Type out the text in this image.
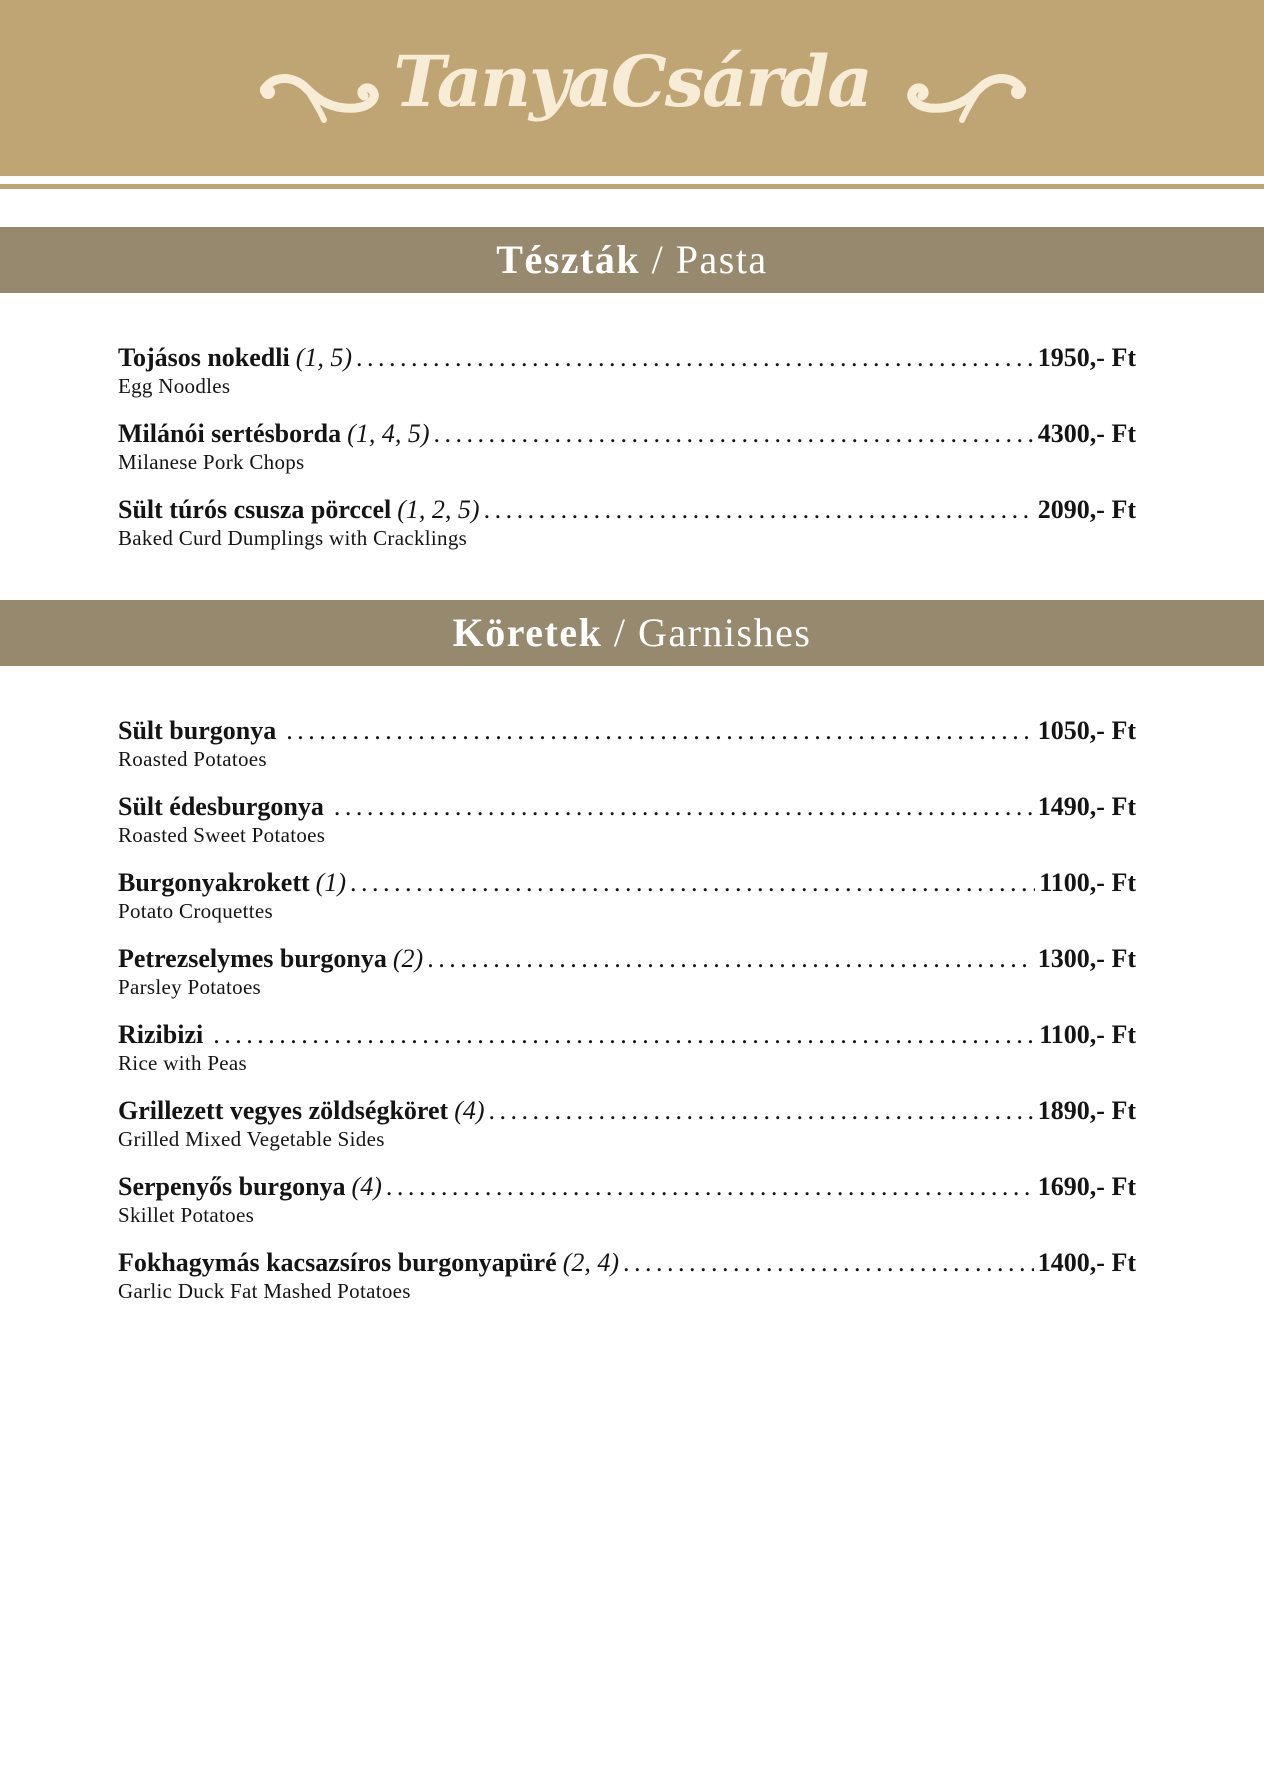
TanyaCsárda
Tészták / Pasta
Tojásos nokedli (1, 5) . . .	1950,- Ft
Egg Noodles
Milánói sertésborda (1, 4, 5) . . .	4300,- Ft
Milanese Pork Chops
Sült túrós csusza pörccel (1, 2, 5) . . .	2090,- Ft
Baked Curd Dumplings with Cracklings
Köretek / Garnishes
Sült burgonya . . .	1050,- Ft
Roasted Potatoes
Sült édesburgonya . . .	1490,- Ft
Roasted Sweet Potatoes
Burgonyakrokett (1) . . .	1100,- Ft
Potato Croquettes
Petrezselymes burgonya (2) . . .	1300,- Ft
Parsley Potatoes
Rizibizi . . .	1100,- Ft
Rice with Peas
Grillezett vegyes zöldségköret (4) . . .	1890,- Ft
Grilled Mixed Vegetable Sides
Serpenyős burgonya (4) . . .	1690,- Ft
Skillet Potatoes
Fokhagymás kacsazsíros burgonyapüré (2, 4) . . .	1400,- Ft
Garlic Duck Fat Mashed Potatoes
